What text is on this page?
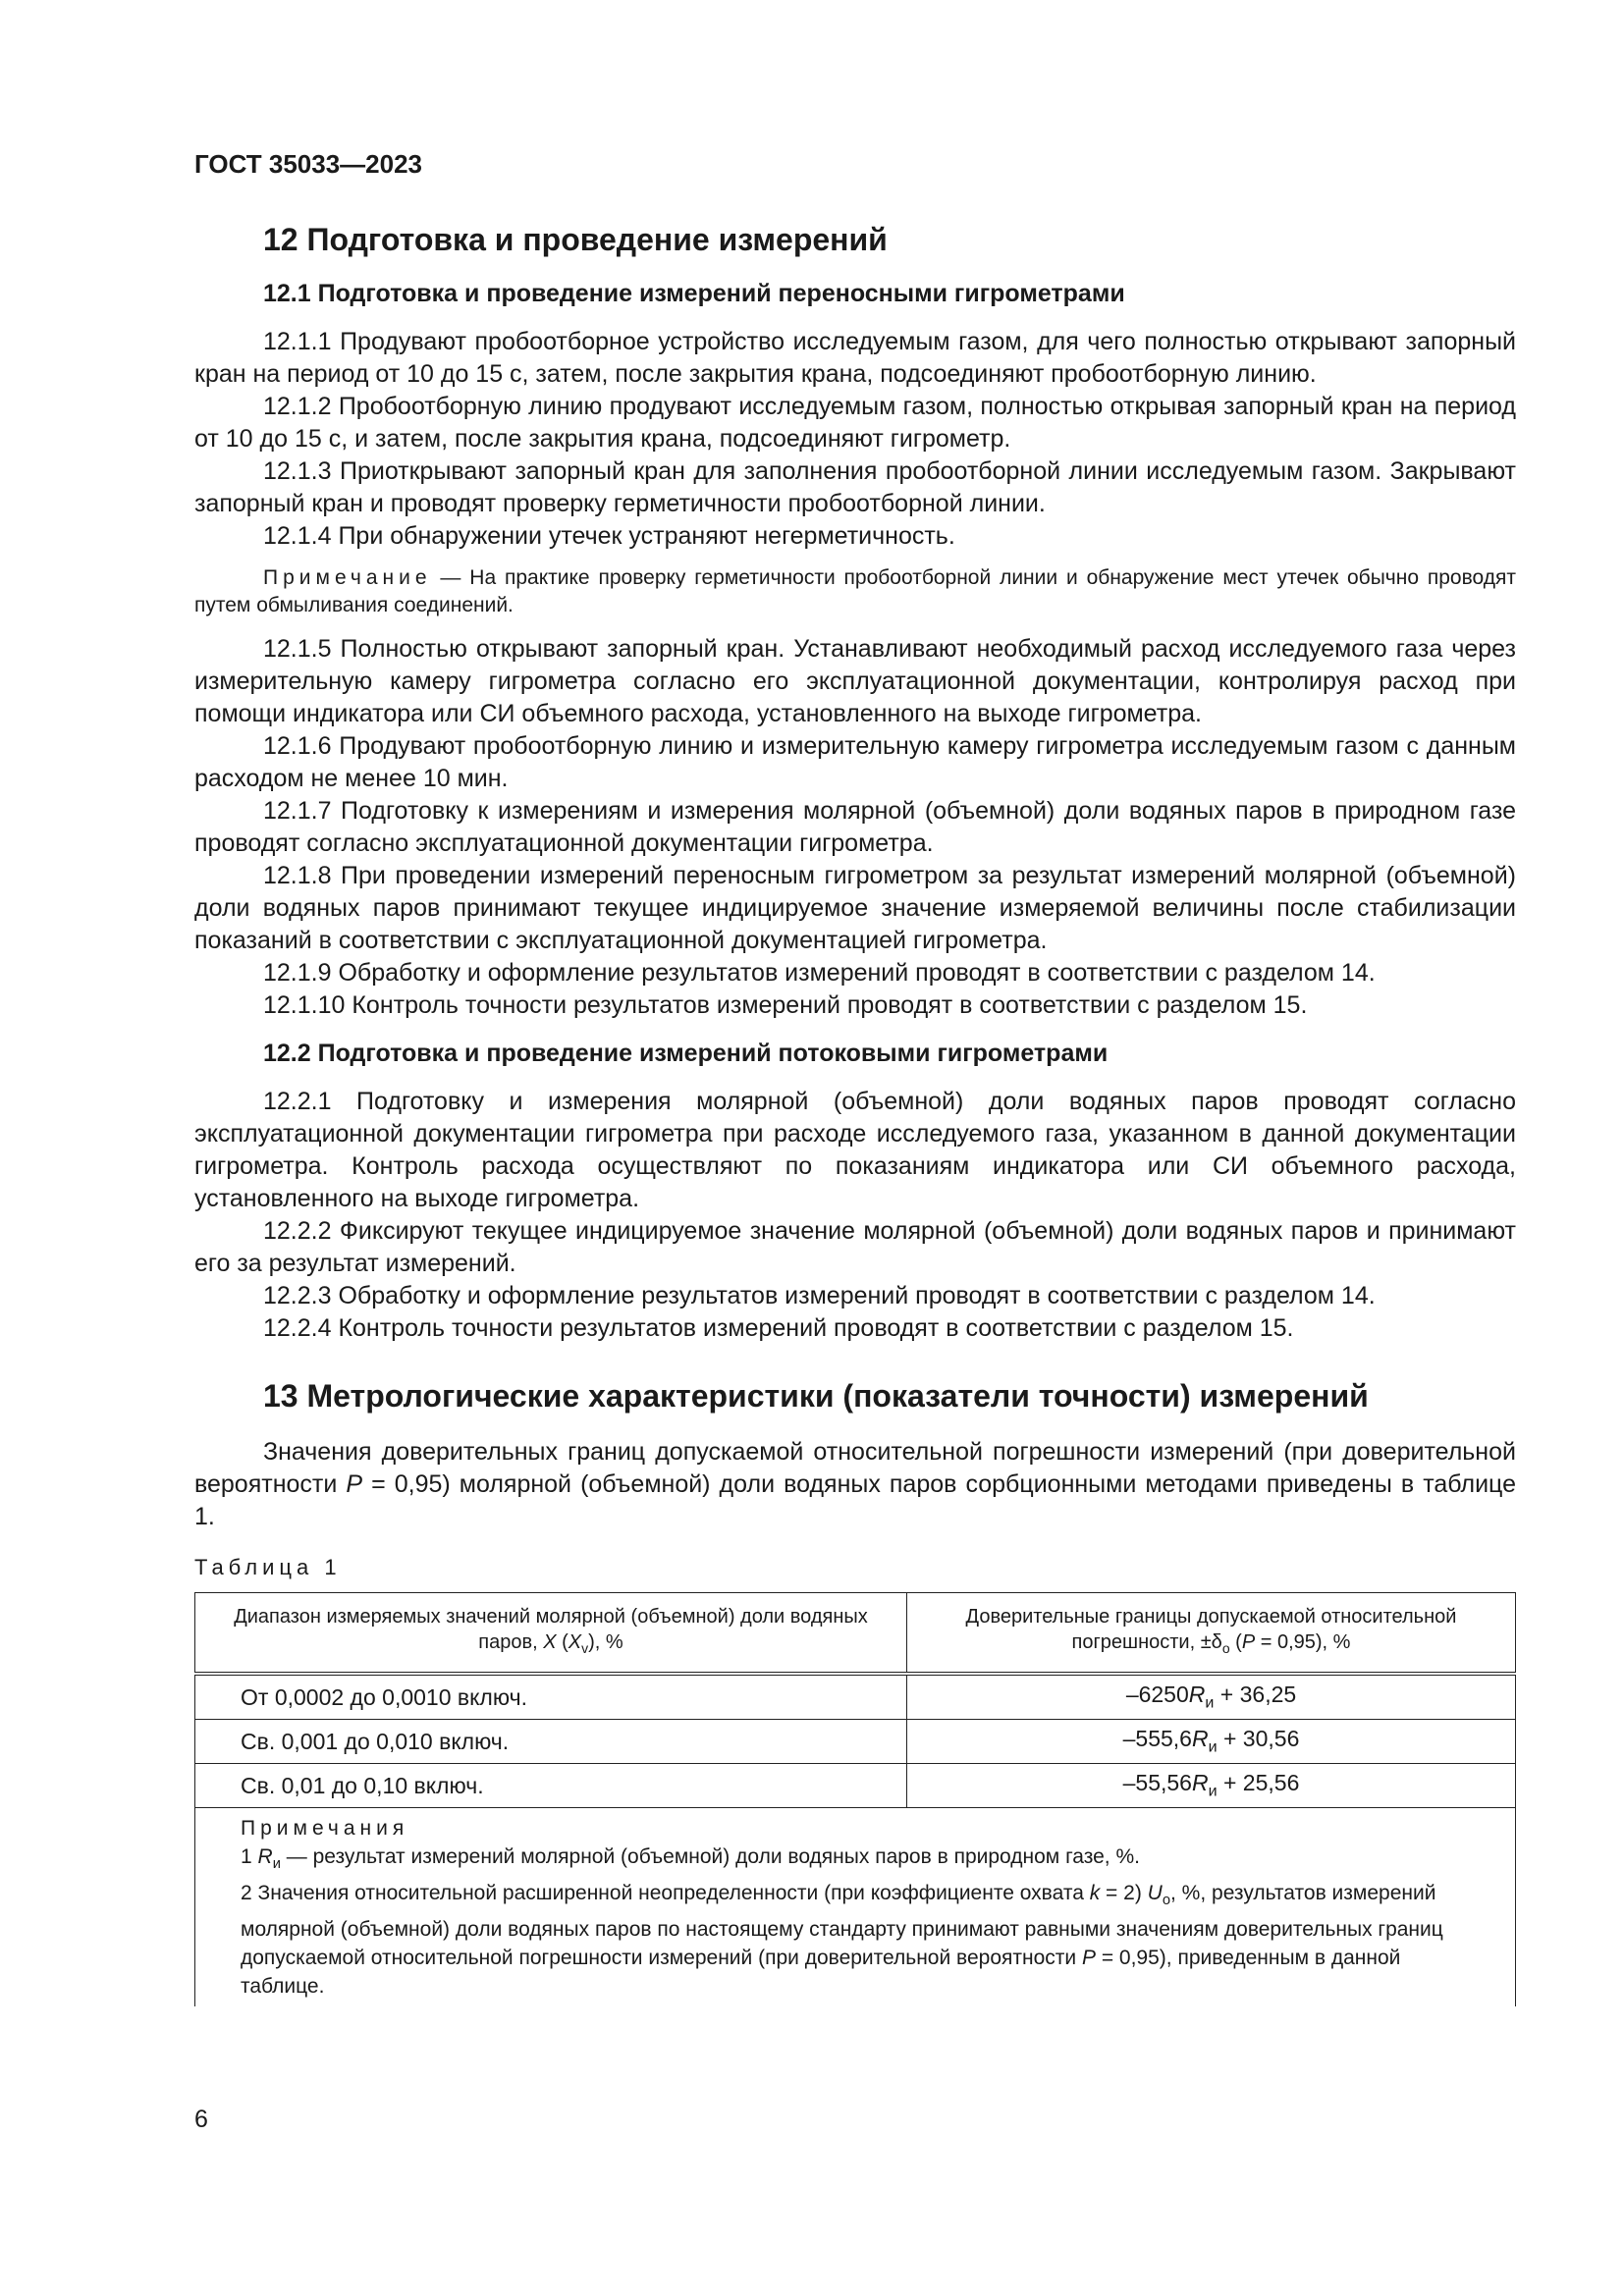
ГОСТ 35033—2023
12 Подготовка и проведение измерений
12.1 Подготовка и проведение измерений переносными гигрометрами

12.1.1 Продувают пробоотборное устройство исследуемым газом, для чего полностью открывают запорный кран на период от 10 до 15 с, затем, после закрытия крана, подсоединяют пробоотборную линию.

12.1.2 Пробоотборную линию продувают исследуемым газом, полностью открывая запорный кран на период от 10 до 15 с, и затем, после закрытия крана, подсоединяют гигрометр.

12.1.3 Приоткрывают запорный кран для заполнения пробоотборной линии исследуемым газом. Закрывают запорный кран и проводят проверку герметичности пробоотборной линии.

12.1.4 При обнаружении утечек устраняют негерметичность.

Примечание — На практике проверку герметичности пробоотборной линии и обнаружение мест утечек обычно проводят путем обмыливания соединений.

12.1.5 Полностью открывают запорный кран. Устанавливают необходимый расход исследуемого газа через измерительную камеру гигрометра согласно его эксплуатационной документации, контролируя расход при помощи индикатора или СИ объемного расхода, установленного на выходе гигрометра.

12.1.6 Продувают пробоотборную линию и измерительную камеру гигрометра исследуемым газом с данным расходом не менее 10 мин.

12.1.7 Подготовку к измерениям и измерения молярной (объемной) доли водяных паров в природном газе проводят согласно эксплуатационной документации гигрометра.

12.1.8 При проведении измерений переносным гигрометром за результат измерений молярной (объемной) доли водяных паров принимают текущее индицируемое значение измеряемой величины после стабилизации показаний в соответствии с эксплуатационной документацией гигрометра.

12.1.9 Обработку и оформление результатов измерений проводят в соответствии с разделом 14.

12.1.10 Контроль точности результатов измерений проводят в соответствии с разделом 15.

12.2 Подготовка и проведение измерений потоковыми гигрометрами

12.2.1 Подготовку и измерения молярной (объемной) доли водяных паров проводят согласно эксплуатационной документации гигрометра при расходе исследуемого газа, указанном в данной документации гигрометра. Контроль расхода осуществляют по показаниям индикатора или СИ объемного расхода, установленного на выходе гигрометра.

12.2.2 Фиксируют текущее индицируемое значение молярной (объемной) доли водяных паров и принимают его за результат измерений.

12.2.3 Обработку и оформление результатов измерений проводят в соответствии с разделом 14.

12.2.4 Контроль точности результатов измерений проводят в соответствии с разделом 15.

13 Метрологические характеристики (показатели точности) измерений

Значения доверительных границ допускаемой относительной погрешности измерений (при доверительной вероятности P = 0,95) молярной (объемной) доли водяных паров сорбционными методами приведены в таблице 1.

Таблица 1
Диапазон измеряемых значений молярной (объемной) доли водяных паров, X $(X_v)$, %	Доверительные границы допускаемой относительной погрешности, $\pm\delta_о$ (P = 0,95), %
От 0,0002 до 0,0010 включ.	$-6250R_и + 36,25$
Св. 0,001 до 0,010 включ.	$-555,6R_и + 30,56$
Св. 0,01 до 0,10 включ.	$-55,56R_и + 25,56$

Примечания
1 $R_и$ — результат измерений молярной (объемной) доли водяных паров в природном газе, %.
2 Значения относительной расширенной неопределенности (при коэффициенте охвата k = 2) $U_о$, %, результатов измерений молярной (объемной) доли водяных паров по настоящему стандарту принимают равными значениям доверительных границ допускаемой относительной погрешности измерений (при доверительной вероятности P = 0,95), приведенным в данной таблице.	
6
